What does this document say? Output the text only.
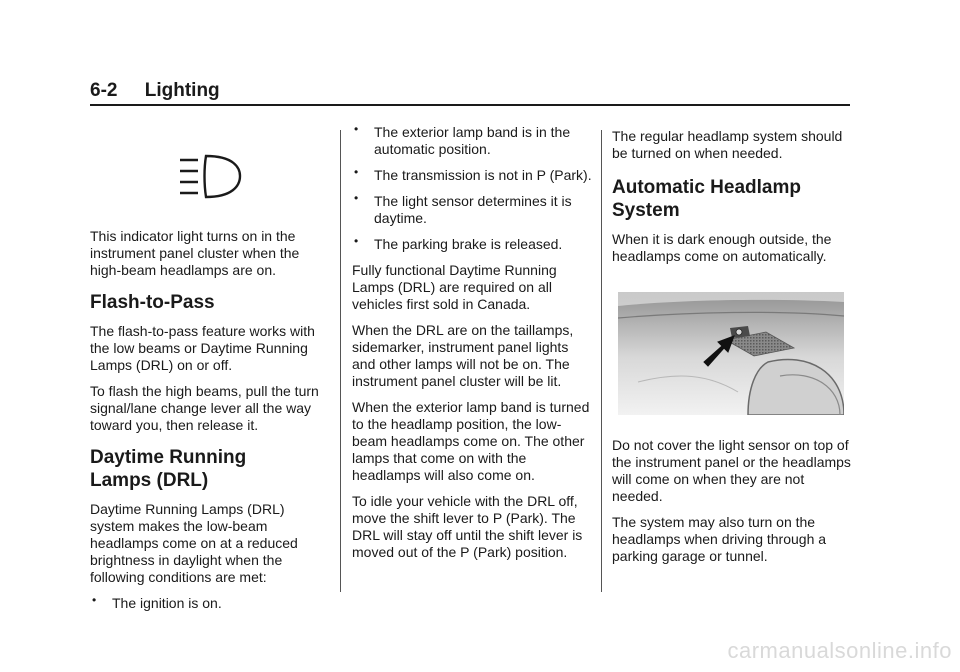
6-2 Lighting

This indicator light turns on in the instrument panel cluster when the high-beam headlamps are on.

Flash-to-Pass

The flash-to-pass feature works with the low beams or Daytime Running Lamps (DRL) on or off.

To flash the high beams, pull the turn signal/lane change lever all the way toward you, then release it.

Daytime Running
Lamps (DRL)

Daytime Running Lamps (DRL) system makes the low-beam headlamps come on at a reduced brightness in daylight when the following conditions are met:

• The ignition is on.
• The exterior lamp band is in the automatic position.
• The transmission is not in P (Park).
• The light sensor determines it is daytime.
• The parking brake is released.

Fully functional Daytime Running Lamps (DRL) are required on all vehicles first sold in Canada.

When the DRL are on the taillamps, sidemarker, instrument panel lights and other lamps will not be on. The instrument panel cluster will be lit.

When the exterior lamp band is turned to the headlamp position, the low-beam headlamps come on. The other lamps that come on with the headlamps will also come on.

To idle your vehicle with the DRL off, move the shift lever to P (Park). The DRL will stay off until the shift lever is moved out of the P (Park) position.

The regular headlamp system should be turned on when needed.

Automatic Headlamp
System

When it is dark enough outside, the headlamps come on automatically.

Do not cover the light sensor on top of the instrument panel or the headlamps will come on when they are not needed.

The system may also turn on the headlamps when driving through a parking garage or tunnel.

carmanualsonline.info
